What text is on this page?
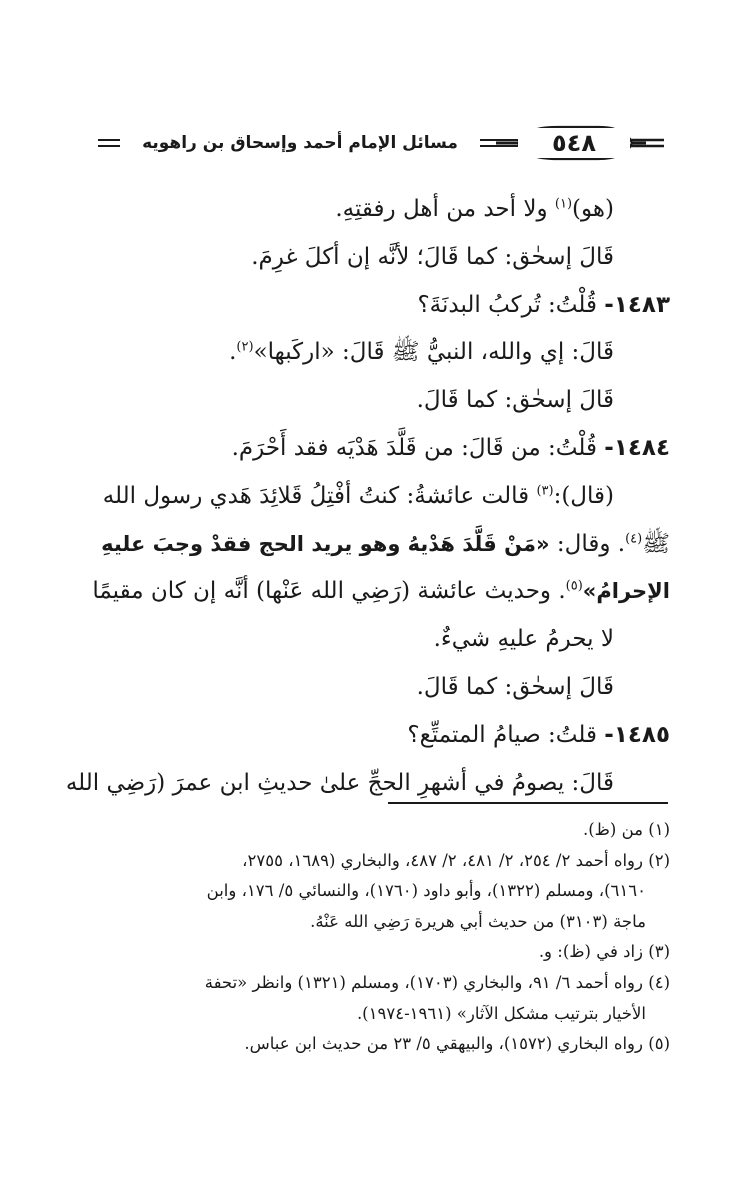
٥٤٨
مسائل الإمام أحمد وإسحاق بن راهويه
(هو)$^{(١)}$ ولا أحد من أهل رفقتِهِ.
قَالَ إسحٰق: كما قَالَ؛ لأنَّه إن أكلَ غرِمَ.
١٤٨٣- قُلْتُ: تُركبُ البدنَةَ؟
قَالَ: إي والله، النبيُّ ﷺ قَالَ: «اركَبها»$^{(٢)}$.
قَالَ إسحٰق: كما قَالَ.
١٤٨٤- قُلْتُ: من قَالَ: من قَلَّدَ هَدْيَه فقد أَحْرَمَ.
(قال):$^{(٣)}$ قالت عائشةُ: كنتُ أفْتِلُ قَلائِدَ هَدي رسول الله
ﷺ$^{(٤)}$. وقال: «مَنْ قَلَّدَ هَدْيهُ وهو يريد الحج فقدْ وجبَ عليهِ
الإحرامُ»$^{(٥)}$. وحديث عائشة (رَضِي الله عَنْها) أنَّه إن كان مقيمًا
لا يحرمُ عليهِ شيءٌ.
قَالَ إسحٰق: كما قَالَ.
١٤٨٥- قلتُ: صيامُ المتمتِّع؟
قَالَ: يصومُ في أشهرِ الحجِّ علىٰ حديثِ ابن عمرَ (رَضِي الله
(١) من (ظ).
(٢) رواه أحمد ٢/ ٢٥٤، ٢/ ٤٨١، ٢/ ٤٨٧، والبخاري (١٦٨٩، ٢٧٥٥،
٦١٦٠)، ومسلم (١٣٢٢)، وأبو داود (١٧٦٠)، والنسائي ٥/ ١٧٦، وابن
ماجة (٣١٠٣) من حديث أبي هريرة رَضِي الله عَنْهُ.
(٣) زاد في (ظ): و.
(٤) رواه أحمد ٦/ ٩١، والبخاري (١٧٠٣)، ومسلم (١٣٢١) وانظر «تحفة
الأخيار بترتيب مشكل الآثار» (١٩٦١-١٩٧٤).
(٥) رواه البخاري (١٥٧٢)، والبيهقي ٥/ ٢٣ من حديث ابن عباس.
